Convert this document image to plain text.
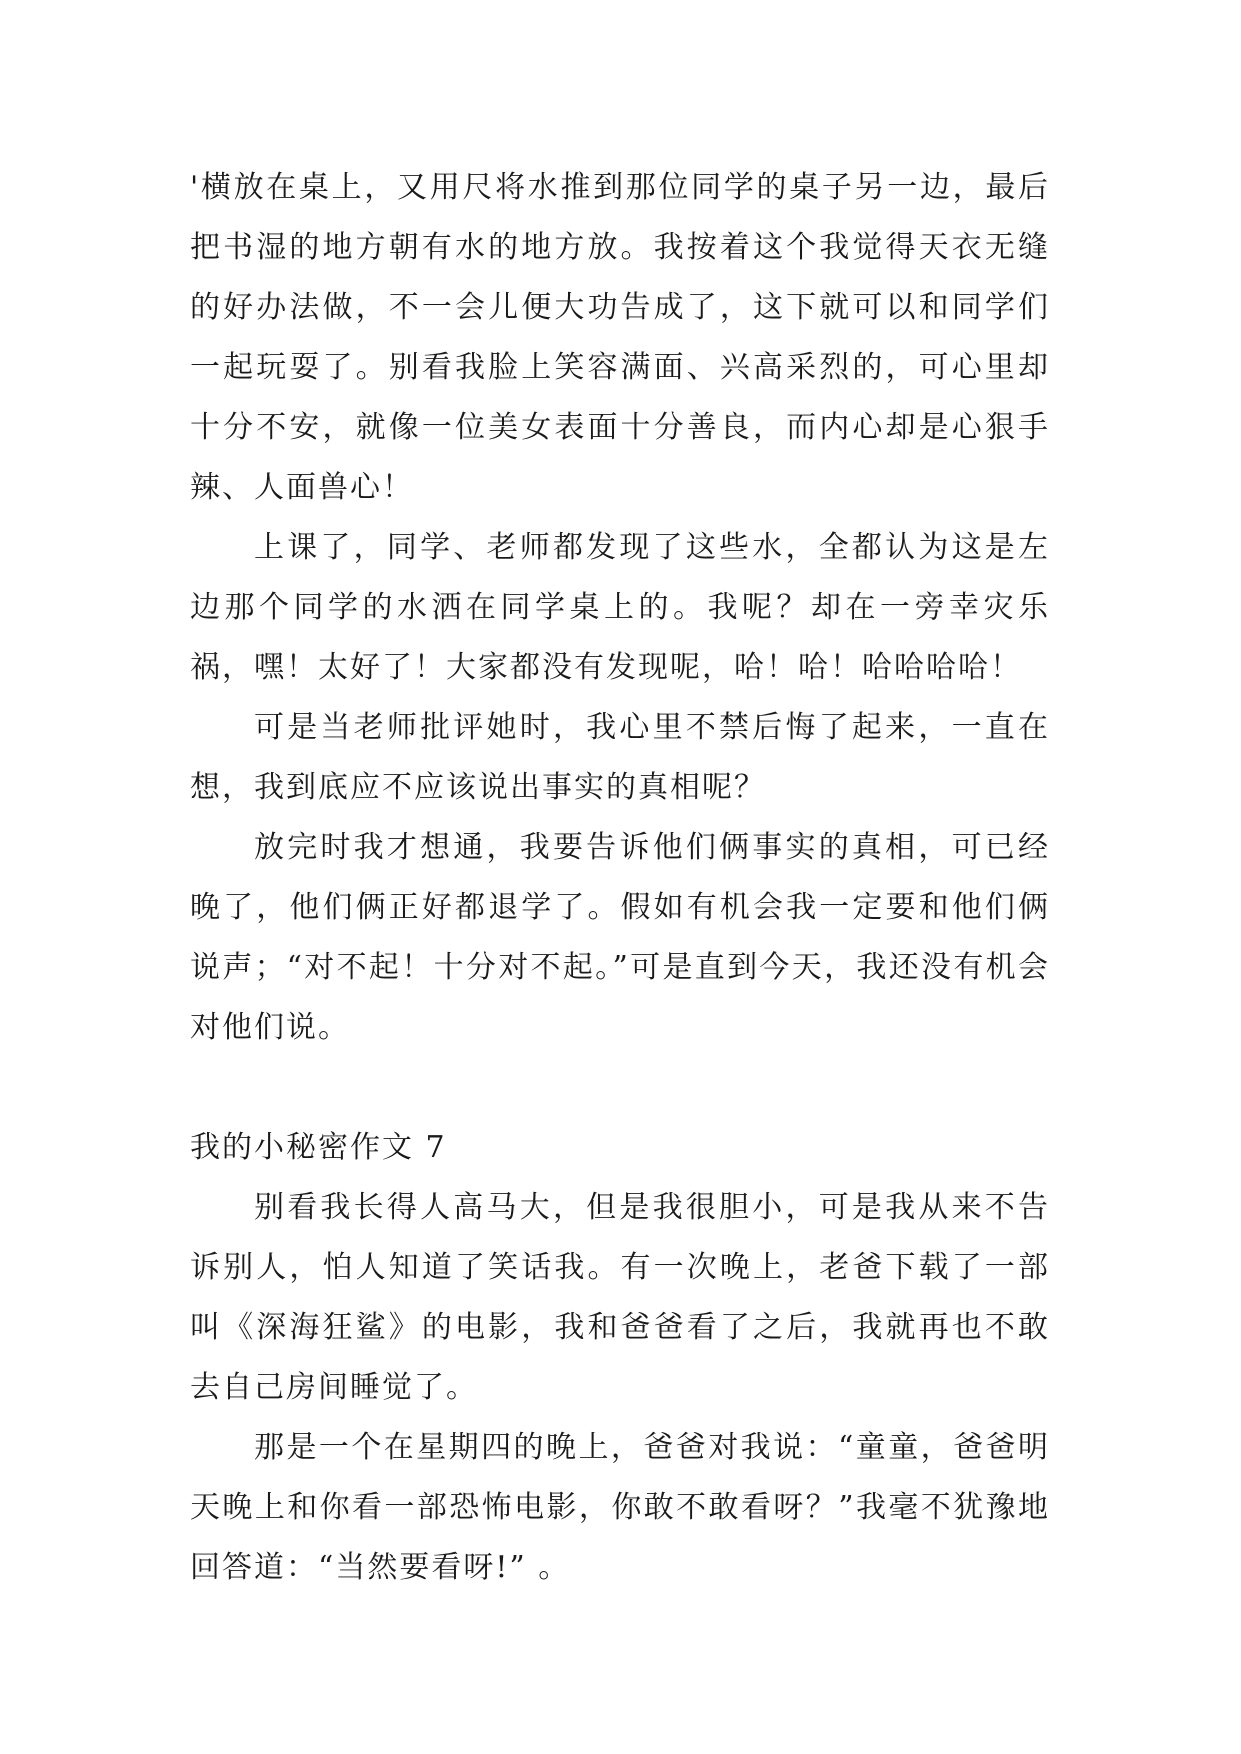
'横放在桌上，又用尺将水推到那位同学的桌子另一边，最后把书湿的地方朝有水的地方放。我按着这个我觉得天衣无缝的好办法做，不一会儿便大功告成了，这下就可以和同学们一起玩耍了。别看我脸上笑容满面、兴高采烈的，可心里却十分不安，就像一位美女表面十分善良，而内心却是心狠手辣、人面兽心！

上课了，同学、老师都发现了这些水，全都认为这是左边那个同学的水洒在同学桌上的。我呢？却在一旁幸灾乐祸，嘿！太好了！大家都没有发现呢，哈！哈！哈哈哈哈！

可是当老师批评她时，我心里不禁后悔了起来，一直在想，我到底应不应该说出事实的真相呢？

放完时我才想通，我要告诉他们俩事实的真相，可已经晚了，他们俩正好都退学了。假如有机会我一定要和他们俩说声；“对不起！十分对不起。”可是直到今天，我还没有机会对他们说。

我的小秘密作文 7

别看我长得人高马大，但是我很胆小，可是我从来不告诉别人，怕人知道了笑话我。有一次晚上，老爸下载了一部叫《深海狂鲨》的电影，我和爸爸看了之后，我就再也不敢去自己房间睡觉了。

那是一个在星期四的晚上，爸爸对我说：“童童，爸爸明天晚上和你看一部恐怖电影，你敢不敢看呀？”我毫不犹豫地回答道：“当然要看呀!” 。
